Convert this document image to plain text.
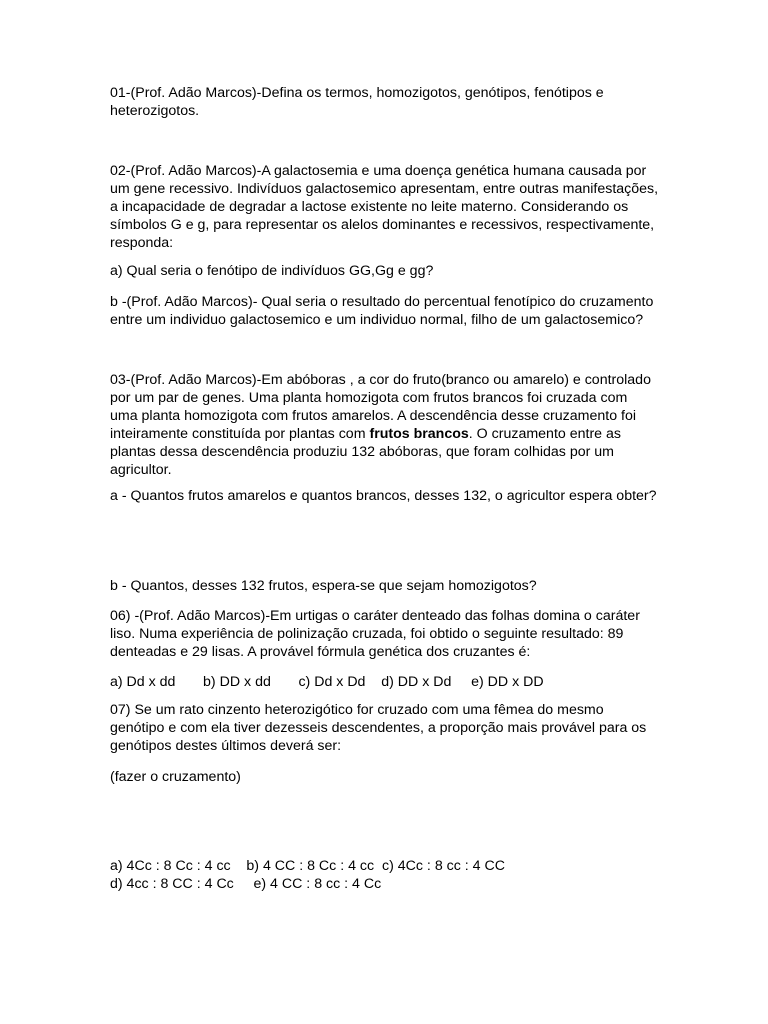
01-(Prof. Adão Marcos)-Defina os termos, homozigotos, genótipos, fenótipos e
heterozigotos.
02-(Prof. Adão Marcos)-A galactosemia e uma doença genética humana causada por
um gene recessivo. Indivíduos galactosemico apresentam, entre outras manifestações,
a incapacidade de degradar a lactose existente no leite materno. Considerando os
símbolos G e g, para representar os alelos dominantes e recessivos, respectivamente,
responda:
a) Qual seria o fenótipo de indivíduos GG,Gg e gg?
b -(Prof. Adão Marcos)- Qual seria o resultado do percentual fenotípico do cruzamento
entre um individuo galactosemico e um individuo normal, filho de um galactosemico?
03-(Prof. Adão Marcos)-Em abóboras , a cor do fruto(branco ou amarelo) e controlado
por um par de genes. Uma planta homozigota com frutos brancos foi cruzada com
uma planta homozigota com frutos amarelos. A descendência desse cruzamento foi
inteiramente constituída por plantas com frutos brancos. O cruzamento entre as
plantas dessa descendência produziu 132 abóboras, que foram colhidas por um
agricultor.
a - Quantos frutos amarelos e quantos brancos, desses 132, o agricultor espera obter?
b - Quantos, desses 132 frutos, espera-se que sejam homozigotos?
06) -(Prof. Adão Marcos)-Em urtigas o caráter denteado das folhas domina o caráter
liso. Numa experiência de polinização cruzada, foi obtido o seguinte resultado: 89
denteadas e 29 lisas. A provável fórmula genética dos cruzantes é:
a) Dd x dd       b) DD x dd       c) Dd x Dd    d) DD x Dd     e) DD x DD
07) Se um rato cinzento heterozigótico for cruzado com uma fêmea do mesmo
genótipo e com ela tiver dezesseis descendentes, a proporção mais provável para os
genótipos destes últimos deverá ser:
(fazer o cruzamento)
a) 4Cc : 8 Cc : 4 cc    b) 4 CC : 8 Cc : 4 cc  c) 4Cc : 8 cc : 4 CC
d) 4cc : 8 CC : 4 Cc     e) 4 CC : 8 cc : 4 Cc
